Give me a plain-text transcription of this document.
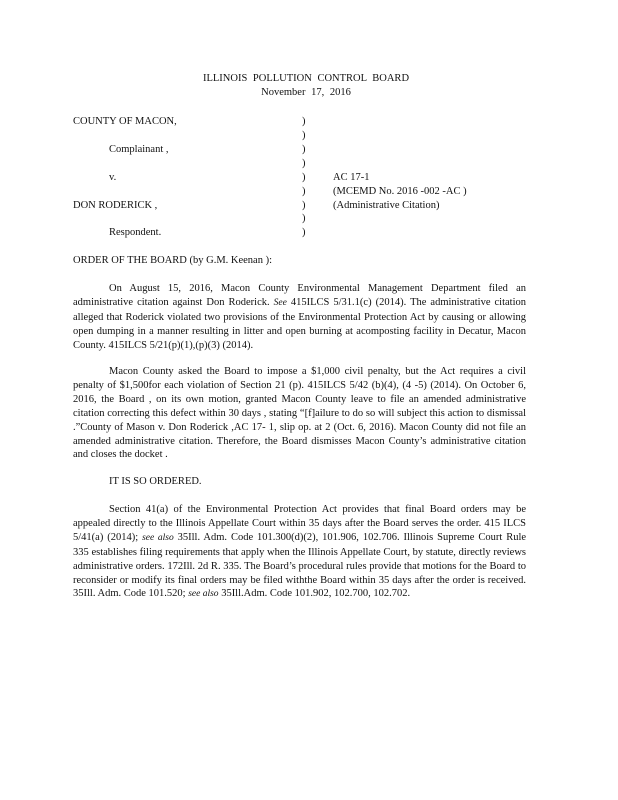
ILLINOIS POLLUTION CONTROL BOARD
November 17, 2016
COUNTY OF MACON,
Complainant ,
v.
DON RODERICK ,
Respondent.
)
)
)
)
)
)
)
)
)
AC 17-1
(MCEMD No. 2016 -002 -AC )
(Administrative Citation)
ORDER OF THE BOARD (by G.M. Keenan ):

On August 15, 2016, Macon County Environmental Management Department filed an administrative citation against Don Roderick. See 415ILCS 5/31.1(c) (2014). The administrative citation alleged that Roderick violated two provisions of the Environmental Protection Act by causing or allowing open dumping in a manner resulting in litter and open burning at acomposting facility in Decatur, Macon County. 415ILCS 5/21(p)(1),(p)(3) (2014).

Macon County asked the Board to impose a $1,000 civil penalty, but the Act requires a civil penalty of $1,500for each violation of Section 21 (p). 415ILCS 5/42 (b)(4), (4 -5) (2014). On October 6, 2016, the Board , on its own motion, granted Macon County leave to file an amended administrative citation correcting this defect within 30 days , stating “[f]ailure to do so will subject this action to dismissal .”County of Mason v. Don Roderick ,AC 17- 1, slip op. at 2 (Oct. 6, 2016). Macon County did not file an amended administrative citation. Therefore, the Board dismisses Macon County’s administrative citation and closes the docket .

IT IS SO ORDERED.

Section 41(a) of the Environmental Protection Act provides that final Board orders may be appealed directly to the Illinois Appellate Court within 35 days after the Board serves the order. 415 ILCS 5/41(a) (2014); see also 35Ill. Adm. Code 101.300(d)(2), 101.906, 102.706. Illinois Supreme Court Rule 335 establishes filing requirements that apply when the Illinois Appellate Court, by statute, directly reviews administrative orders. 172Ill. 2d R. 335. The Board’s procedural rules provide that motions for the Board to reconsider or modify its final orders may be filed withthe Board within 35 days after the order is received. 35Ill. Adm. Code 101.520; see also 35Ill.Adm. Code 101.902, 102.700, 102.702.
